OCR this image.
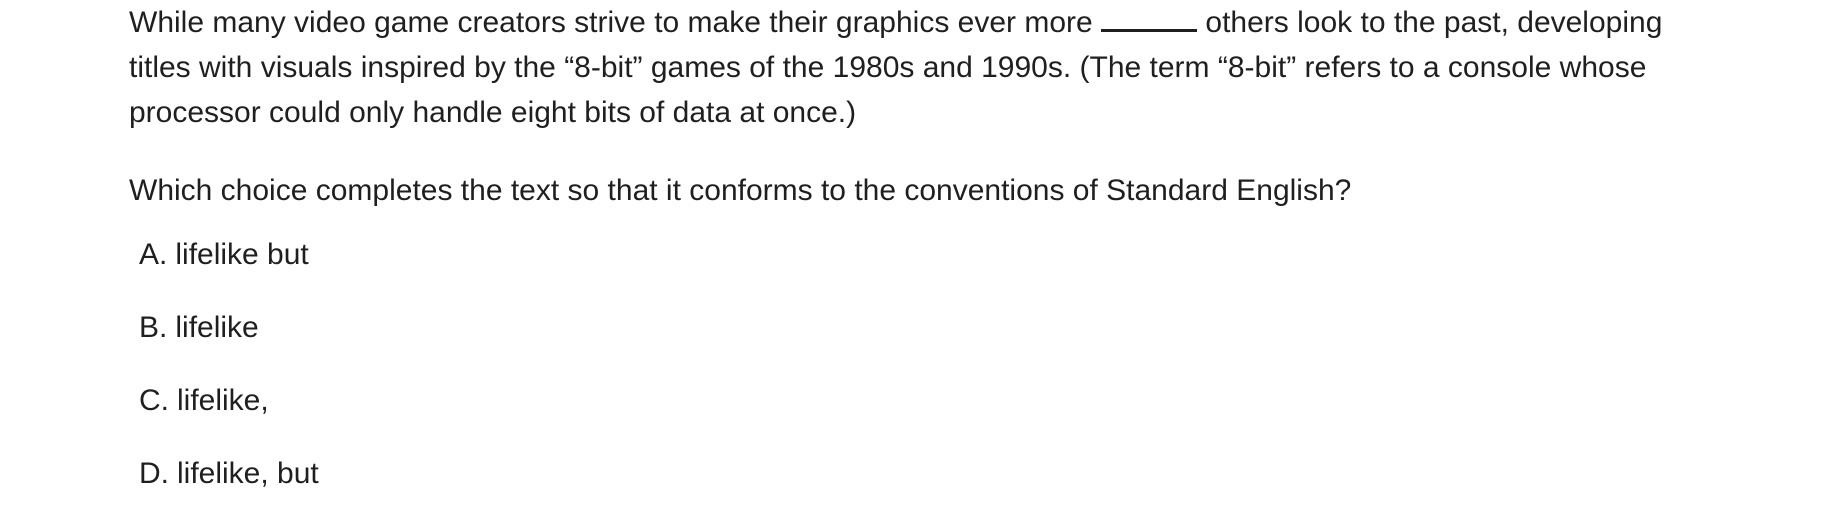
While many video game creators strive to make their graphics ever more	others look to the past, developing titles with visuals inspired by the “8-bit” games of the 1980s and 1990s. (The term “8-bit” refers to a console whose processor could only handle eight bits of data at once.)

Which choice completes the text so that it conforms to the conventions of Standard English?

A. lifelike but
B. lifelike
C. lifelike,
D. lifelike, but
